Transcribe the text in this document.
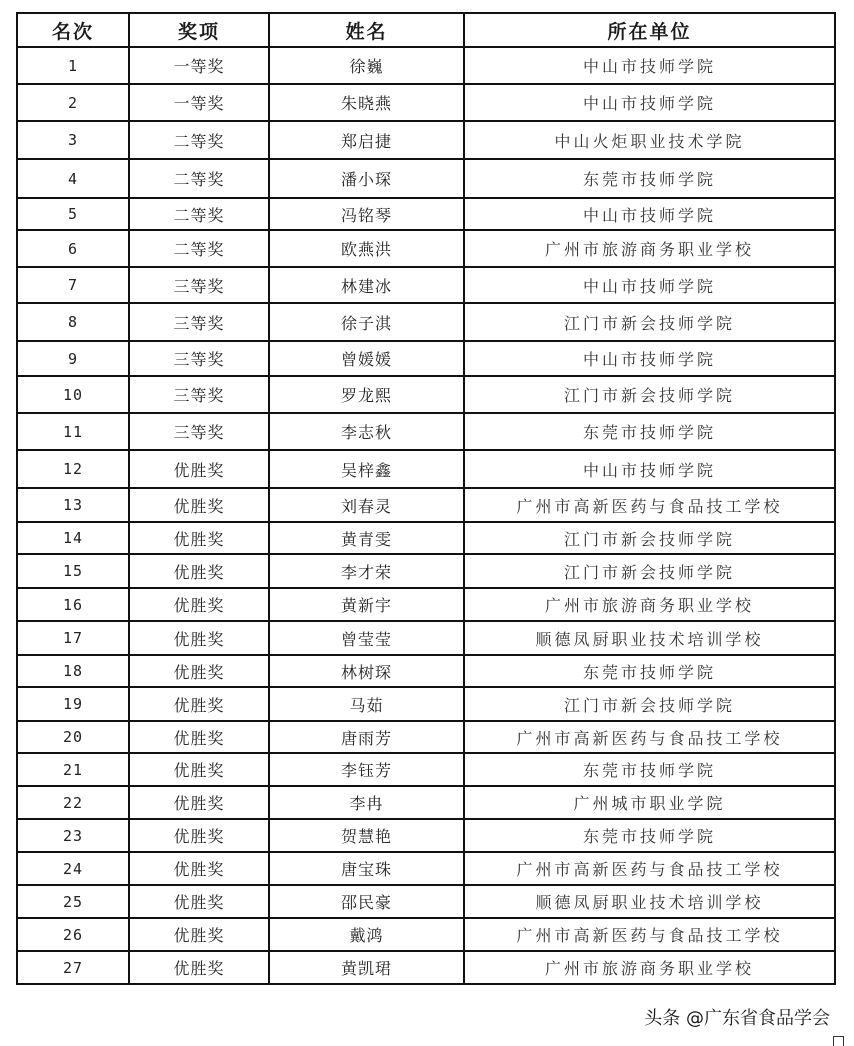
名次	奖项	姓名	所在单位
1	一等奖	徐巍	中山市技师学院
2	一等奖	朱晓燕	中山市技师学院
3	二等奖	郑启捷	中山火炬职业技术学院
4	二等奖	潘小琛	东莞市技师学院
5	二等奖	冯铭琴	中山市技师学院
6	二等奖	欧燕洪	广州市旅游商务职业学校
7	三等奖	林建冰	中山市技师学院
8	三等奖	徐子淇	江门市新会技师学院
9	三等奖	曾媛媛	中山市技师学院
10	三等奖	罗龙熙	江门市新会技师学院
11	三等奖	李志秋	东莞市技师学院
12	优胜奖	吴梓鑫	中山市技师学院
13	优胜奖	刘春灵	广州市高新医药与食品技工学校
14	优胜奖	黄青雯	江门市新会技师学院
15	优胜奖	李才荣	江门市新会技师学院
16	优胜奖	黄新宇	广州市旅游商务职业学校
17	优胜奖	曾莹莹	顺德凤厨职业技术培训学校
18	优胜奖	林树琛	东莞市技师学院
19	优胜奖	马茹	江门市新会技师学院
20	优胜奖	唐雨芳	广州市高新医药与食品技工学校
21	优胜奖	李钰芳	东莞市技师学院
22	优胜奖	李冉	广州城市职业学院
23	优胜奖	贺慧艳	东莞市技师学院
24	优胜奖	唐宝珠	广州市高新医药与食品技工学校
25	优胜奖	邵民豪	顺德凤厨职业技术培训学校
26	优胜奖	戴鸿	广州市高新医药与食品技工学校
27	优胜奖	黄凯珺	广州市旅游商务职业学校
头条 @广东省食品学会
